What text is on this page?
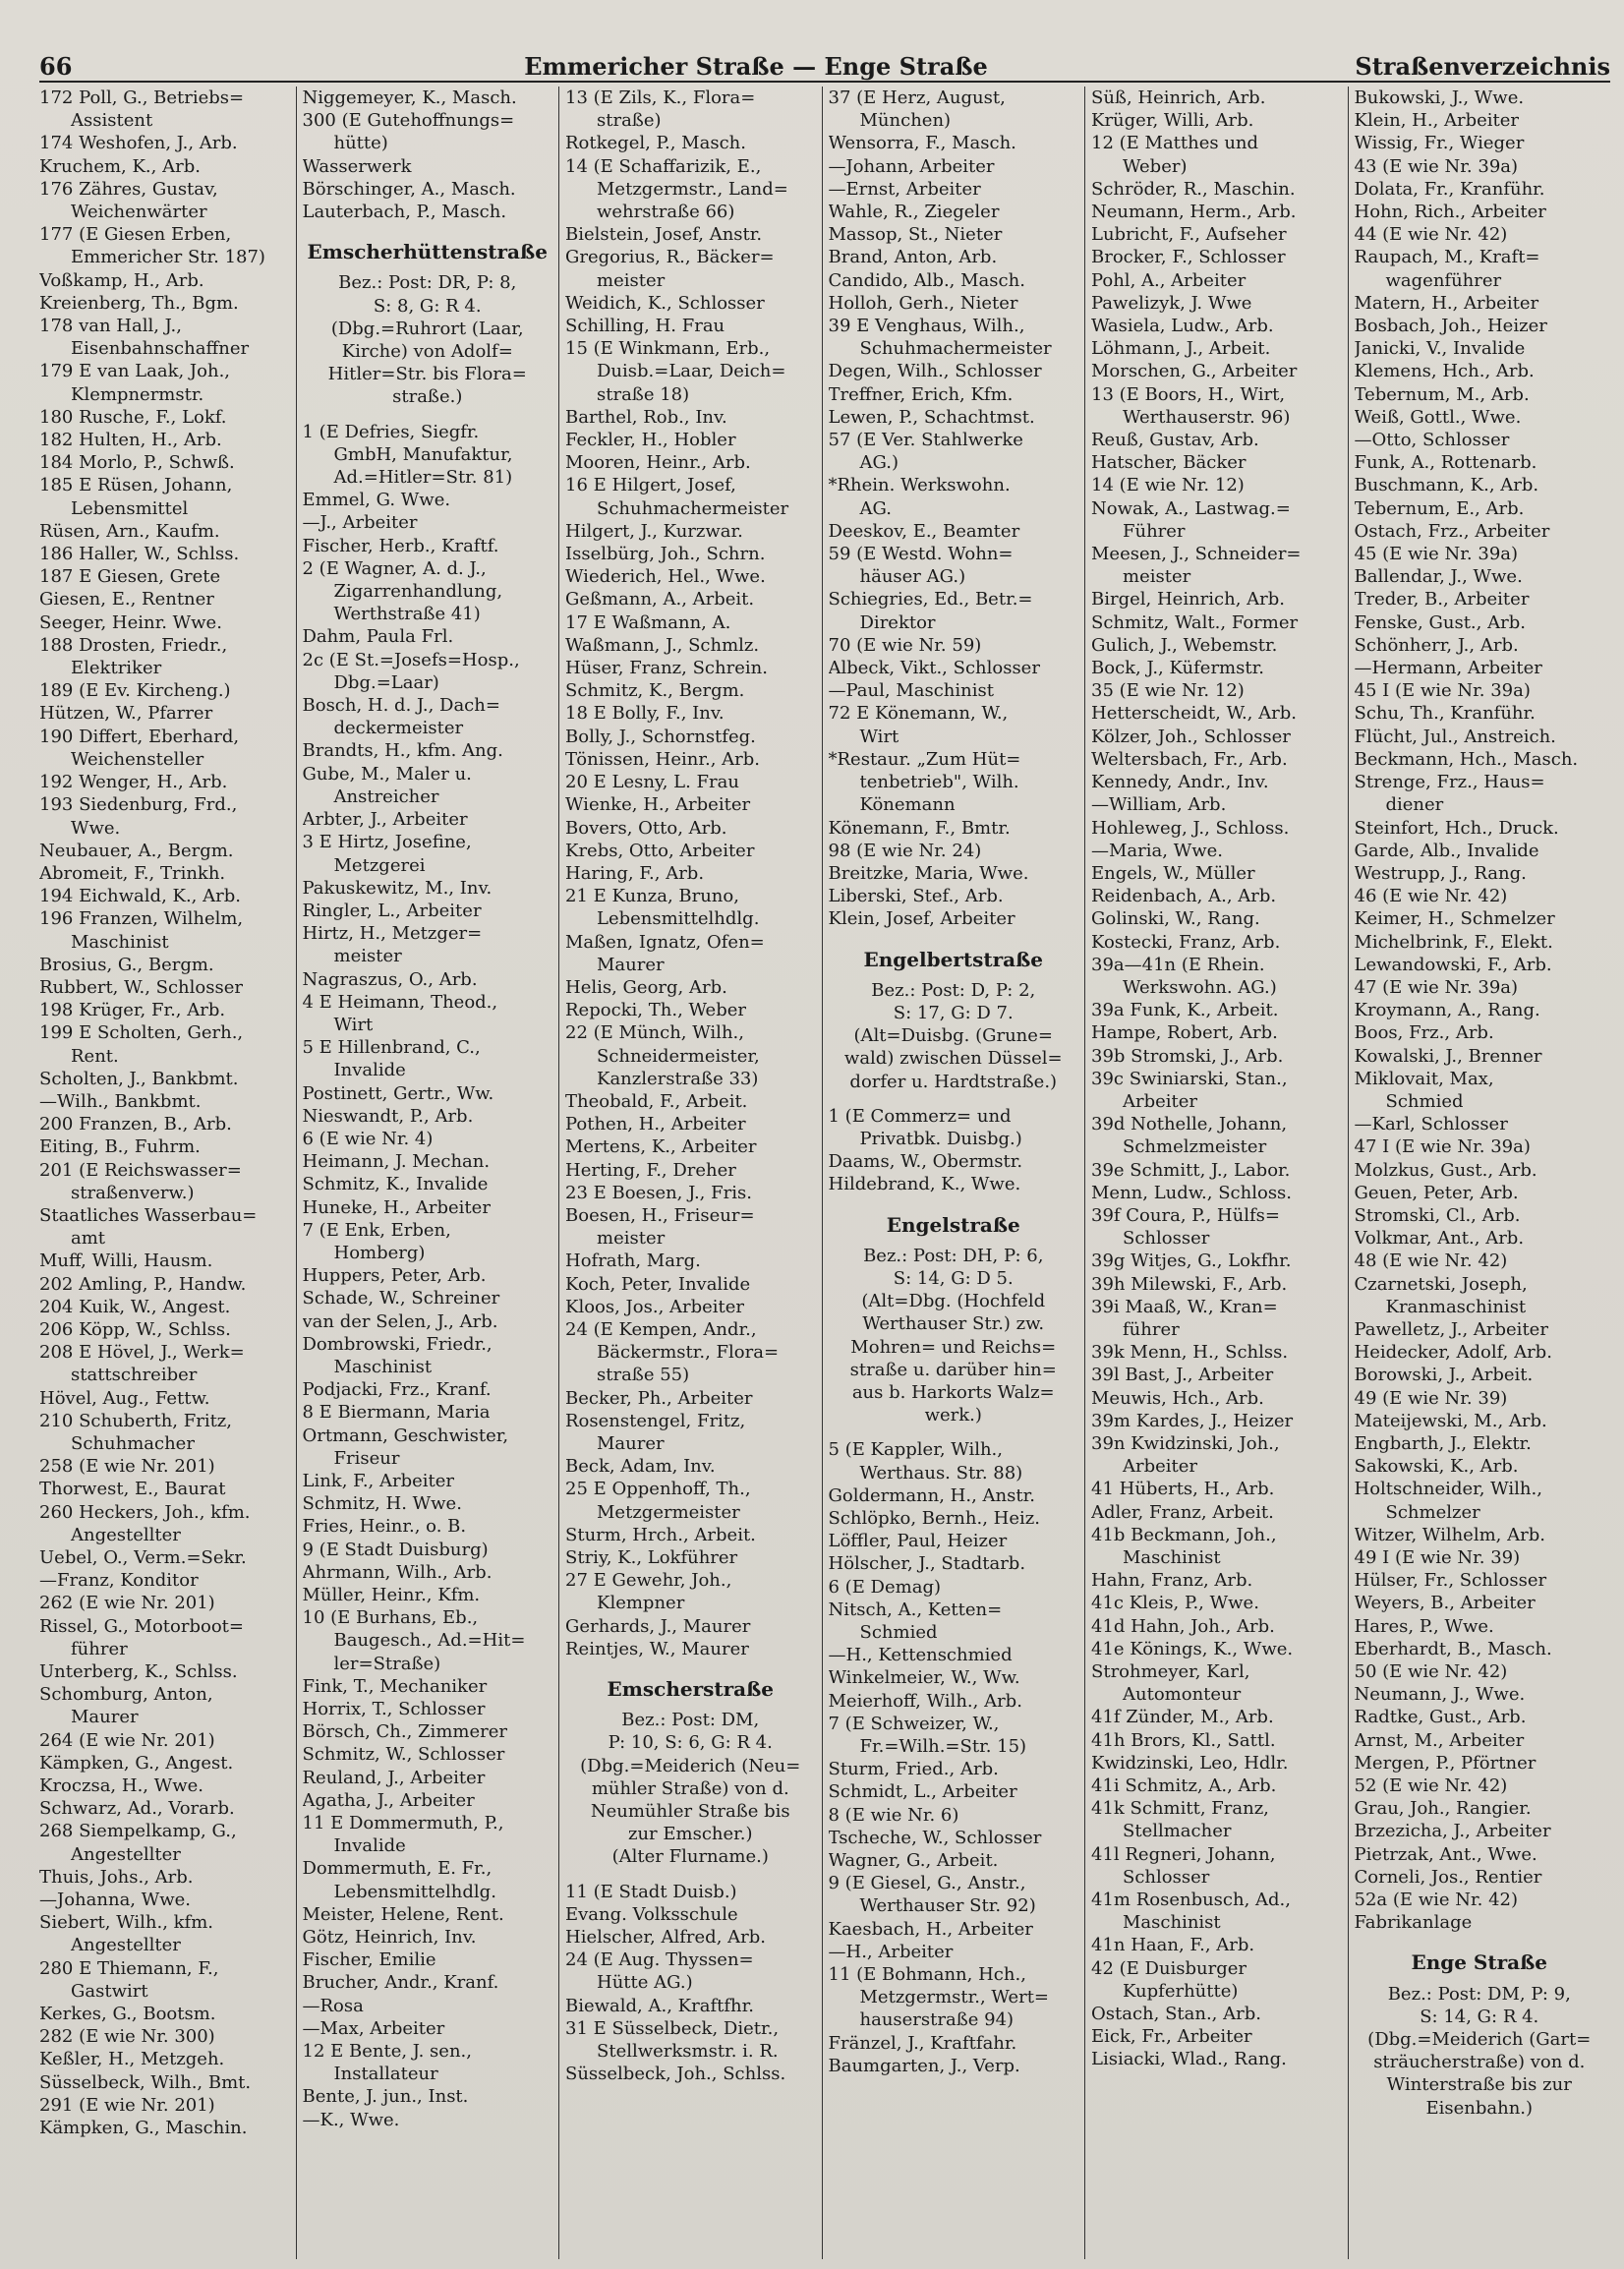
66	Emmericher Straße — Enge Straße	Straßenverzeichnis
172 Poll, G., Betriebs=
Assistent
174 Weshofen, J., Arb.
Kruchem, K., Arb.
176 Zähres, Gustav,
Weichenwärter
177 (E Giesen Erben,
Emmericher Str. 187)
Voßkamp, H., Arb.
Kreienberg, Th., Bgm.
178 van Hall, J.,
Eisenbahnschaffner
179 E van Laak, Joh.,
Klempnermstr.
180 Rusche, F., Lokf.
182 Hulten, H., Arb.
184 Morlo, P., Schwß.
185 E Rüsen, Johann,
Lebensmittel
Rüsen, Arn., Kaufm.
186 Haller, W., Schlss.
187 E Giesen, Grete
Giesen, E., Rentner
Seeger, Heinr. Wwe.
188 Drosten, Friedr.,
Elektriker
189 (E Ev. Kircheng.)
Hützen, W., Pfarrer
190 Differt, Eberhard,
Weichensteller
192 Wenger, H., Arb.
193 Siedenburg, Frd.,
Wwe.
Neubauer, A., Bergm.
Abromeit, F., Trinkh.
194 Eichwald, K., Arb.
196 Franzen, Wilhelm,
Maschinist
Brosius, G., Bergm.
Rubbert, W., Schlosser
198 Krüger, Fr., Arb.
199 E Scholten, Gerh.,
Rent.
Scholten, J., Bankbmt.
—Wilh., Bankbmt.
200 Franzen, B., Arb.
Eiting, B., Fuhrm.
201 (E Reichswasser=
straßenverw.)
Staatliches Wasserbau=
amt
Muff, Willi, Hausm.
202 Amling, P., Handw.
204 Kuik, W., Angest.
206 Köpp, W., Schlss.
208 E Hövel, J., Werk=
stattschreiber
Hövel, Aug., Fettw.
210 Schuberth, Fritz,
Schuhmacher
258 (E wie Nr. 201)
Thorwest, E., Baurat
260 Heckers, Joh., kfm.
Angestellter
Uebel, O., Verm.=Sekr.
—Franz, Konditor
262 (E wie Nr. 201)
Rissel, G., Motorboot=
führer
Unterberg, K., Schlss.
Schomburg, Anton,
Maurer
264 (E wie Nr. 201)
Kämpken, G., Angest.
Kroczsa, H., Wwe.
Schwarz, Ad., Vorarb.
268 Siempelkamp, G.,
Angestellter
Thuis, Johs., Arb.
—Johanna, Wwe.
Siebert, Wilh., kfm.
Angestellter
280 E Thiemann, F.,
Gastwirt
Kerkes, G., Bootsm.
282 (E wie Nr. 300)
Keßler, H., Metzgeh.
Süsselbeck, Wilh., Bmt.
291 (E wie Nr. 201)
Kämpken, G., Maschin.
Niggemeyer, K., Masch.
300 (E Gutehoffnungs=
hütte)
Wasserwerk
Börschinger, A., Masch.
Lauterbach, P., Masch.
Emscherhüttenstraße
Bez.: Post: DR, P: 8,
S: 8, G: R 4.
(Dbg.=Ruhrort (Laar,
Kirche) von Adolf=
Hitler=Str. bis Flora=
straße.)
1 (E Defries, Siegfr.
GmbH, Manufaktur,
Ad.=Hitler=Str. 81)
Emmel, G. Wwe.
—J., Arbeiter
Fischer, Herb., Kraftf.
2 (E Wagner, A. d. J.,
Zigarrenhandlung,
Werthstraße 41)
Dahm, Paula Frl.
2c (E St.=Josefs=Hosp.,
Dbg.=Laar)
Bosch, H. d. J., Dach=
deckermeister
Brandts, H., kfm. Ang.
Gube, M., Maler u.
Anstreicher
Arbter, J., Arbeiter
3 E Hirtz, Josefine,
Metzgerei
Pakuskewitz, M., Inv.
Ringler, L., Arbeiter
Hirtz, H., Metzger=
meister
Nagraszus, O., Arb.
4 E Heimann, Theod.,
Wirt
5 E Hillenbrand, C.,
Invalide
Postinett, Gertr., Ww.
Nieswandt, P., Arb.
6 (E wie Nr. 4)
Heimann, J. Mechan.
Schmitz, K., Invalide
Huneke, H., Arbeiter
7 (E Enk, Erben,
Homberg)
Huppers, Peter, Arb.
Schade, W., Schreiner
van der Selen, J., Arb.
Dombrowski, Friedr.,
Maschinist
Podjacki, Frz., Kranf.
8 E Biermann, Maria
Ortmann, Geschwister,
Friseur
Link, F., Arbeiter
Schmitz, H. Wwe.
Fries, Heinr., o. B.
9 (E Stadt Duisburg)
Ahrmann, Wilh., Arb.
Müller, Heinr., Kfm.
10 (E Burhans, Eb.,
Baugesch., Ad.=Hit=
ler=Straße)
Fink, T., Mechaniker
Horrix, T., Schlosser
Börsch, Ch., Zimmerer
Schmitz, W., Schlosser
Reuland, J., Arbeiter
Agatha, J., Arbeiter
11 E Dommermuth, P.,
Invalide
Dommermuth, E. Fr.,
Lebensmittelhdlg.
Meister, Helene, Rent.
Götz, Heinrich, Inv.
Fischer, Emilie
Brucher, Andr., Kranf.
—Rosa
—Max, Arbeiter
12 E Bente, J. sen.,
Installateur
Bente, J. jun., Inst.
—K., Wwe.
13 (E Zils, K., Flora=
straße)
Rotkegel, P., Masch.
14 (E Schaffarizik, E.,
Metzgermstr., Land=
wehrstraße 66)
Bielstein, Josef, Anstr.
Gregorius, R., Bäcker=
meister
Weidich, K., Schlosser
Schilling, H. Frau
15 (E Winkmann, Erb.,
Duisb.=Laar, Deich=
straße 18)
Barthel, Rob., Inv.
Feckler, H., Hobler
Mooren, Heinr., Arb.
16 E Hilgert, Josef,
Schuhmachermeister
Hilgert, J., Kurzwar.
Isselbürg, Joh., Schrn.
Wiederich, Hel., Wwe.
Geßmann, A., Arbeit.
17 E Waßmann, A.
Waßmann, J., Schmlz.
Hüser, Franz, Schrein.
Schmitz, K., Bergm.
18 E Bolly, F., Inv.
Bolly, J., Schornstfeg.
Tönissen, Heinr., Arb.
20 E Lesny, L. Frau
Wienke, H., Arbeiter
Bovers, Otto, Arb.
Krebs, Otto, Arbeiter
Haring, F., Arb.
21 E Kunza, Bruno,
Lebensmittelhdlg.
Maßen, Ignatz, Ofen=
Maurer
Helis, Georg, Arb.
Repocki, Th., Weber
22 (E Münch, Wilh.,
Schneidermeister,
Kanzlerstraße 33)
Theobald, F., Arbeit.
Pothen, H., Arbeiter
Mertens, K., Arbeiter
Herting, F., Dreher
23 E Boesen, J., Fris.
Boesen, H., Friseur=
meister
Hofrath, Marg.
Koch, Peter, Invalide
Kloos, Jos., Arbeiter
24 (E Kempen, Andr.,
Bäckermstr., Flora=
straße 55)
Becker, Ph., Arbeiter
Rosenstengel, Fritz,
Maurer
Beck, Adam, Inv.
25 E Oppenhoff, Th.,
Metzgermeister
Sturm, Hrch., Arbeit.
Striy, K., Lokführer
27 E Gewehr, Joh.,
Klempner
Gerhards, J., Maurer
Reintjes, W., Maurer
Emscherstraße
Bez.: Post: DM,
P: 10, S: 6, G: R 4.
(Dbg.=Meiderich (Neu=
mühler Straße) von d.
Neumühler Straße bis
zur Emscher.)
(Alter Flurname.)
11 (E Stadt Duisb.)
Evang. Volksschule
Hielscher, Alfred, Arb.
24 (E Aug. Thyssen=
Hütte AG.)
Biewald, A., Kraftfhr.
31 E Süsselbeck, Dietr.,
Stellwerksmstr. i. R.
Süsselbeck, Joh., Schlss.
37 (E Herz, August,
München)
Wensorra, F., Masch.
—Johann, Arbeiter
—Ernst, Arbeiter
Wahle, R., Ziegeler
Massop, St., Nieter
Brand, Anton, Arb.
Candido, Alb., Masch.
Holloh, Gerh., Nieter
39 E Venghaus, Wilh.,
Schuhmachermeister
Degen, Wilh., Schlosser
Treffner, Erich, Kfm.
Lewen, P., Schachtmst.
57 (E Ver. Stahlwerke
AG.)
*Rhein. Werkswohn.
AG.
Deeskov, E., Beamter
59 (E Westd. Wohn=
häuser AG.)
Schiegries, Ed., Betr.=
Direktor
70 (E wie Nr. 59)
Albeck, Vikt., Schlosser
—Paul, Maschinist
72 E Könemann, W.,
Wirt
*Restaur. „Zum Hüt=
tenbetrieb", Wilh.
Könemann
Könemann, F., Bmtr.
98 (E wie Nr. 24)
Breitzke, Maria, Wwe.
Liberski, Stef., Arb.
Klein, Josef, Arbeiter
Engelbertstraße
Bez.: Post: D, P: 2,
S: 17, G: D 7.
(Alt=Duisbg. (Grune=
wald) zwischen Düssel=
dorfer u. Hardtstraße.)
1 (E Commerz= und
Privatbk. Duisbg.)
Daams, W., Obermstr.
Hildebrand, K., Wwe.
Engelstraße
Bez.: Post: DH, P: 6,
S: 14, G: D 5.
(Alt=Dbg. (Hochfeld
Werthauser Str.) zw.
Mohren= und Reichs=
straße u. darüber hin=
aus b. Harkorts Walz=
werk.)
5 (E Kappler, Wilh.,
Werthaus. Str. 88)
Goldermann, H., Anstr.
Schlöpko, Bernh., Heiz.
Löffler, Paul, Heizer
Hölscher, J., Stadtarb.
6 (E Demag)
Nitsch, A., Ketten=
Schmied
—H., Kettenschmied
Winkelmeier, W., Ww.
Meierhoff, Wilh., Arb.
7 (E Schweizer, W.,
Fr.=Wilh.=Str. 15)
Sturm, Fried., Arb.
Schmidt, L., Arbeiter
8 (E wie Nr. 6)
Tscheche, W., Schlosser
Wagner, G., Arbeit.
9 (E Giesel, G., Anstr.,
Werthauser Str. 92)
Kaesbach, H., Arbeiter
—H., Arbeiter
11 (E Bohmann, Hch.,
Metzgermstr., Wert=
hauserstraße 94)
Fränzel, J., Kraftfahr.
Baumgarten, J., Verp.
Süß, Heinrich, Arb.
Krüger, Willi, Arb.
12 (E Matthes und
Weber)
Schröder, R., Maschin.
Neumann, Herm., Arb.
Lubricht, F., Aufseher
Brocker, F., Schlosser
Pohl, A., Arbeiter
Pawelizyk, J. Wwe
Wasiela, Ludw., Arb.
Löhmann, J., Arbeit.
Morschen, G., Arbeiter
13 (E Boors, H., Wirt,
Werthauserstr. 96)
Reuß, Gustav, Arb.
Hatscher, Bäcker
14 (E wie Nr. 12)
Nowak, A., Lastwag.=
Führer
Meesen, J., Schneider=
meister
Birgel, Heinrich, Arb.
Schmitz, Walt., Former
Gulich, J., Webemstr.
Bock, J., Küfermstr.
35 (E wie Nr. 12)
Hetterscheidt, W., Arb.
Kölzer, Joh., Schlosser
Weltersbach, Fr., Arb.
Kennedy, Andr., Inv.
—William, Arb.
Hohleweg, J., Schloss.
—Maria, Wwe.
Engels, W., Müller
Reidenbach, A., Arb.
Golinski, W., Rang.
Kostecki, Franz, Arb.
39a—41n (E Rhein.
Werkswohn. AG.)
39a Funk, K., Arbeit.
Hampe, Robert, Arb.
39b Stromski, J., Arb.
39c Swiniarski, Stan.,
Arbeiter
39d Nothelle, Johann,
Schmelzmeister
39e Schmitt, J., Labor.
Menn, Ludw., Schloss.
39f Coura, P., Hülfs=
Schlosser
39g Witjes, G., Lokfhr.
39h Milewski, F., Arb.
39i Maaß, W., Kran=
führer
39k Menn, H., Schlss.
39l Bast, J., Arbeiter
Meuwis, Hch., Arb.
39m Kardes, J., Heizer
39n Kwidzinski, Joh.,
Arbeiter
41 Hüberts, H., Arb.
Adler, Franz, Arbeit.
41b Beckmann, Joh.,
Maschinist
Hahn, Franz, Arb.
41c Kleis, P., Wwe.
41d Hahn, Joh., Arb.
41e Könings, K., Wwe.
Strohmeyer, Karl,
Automonteur
41f Zünder, M., Arb.
41h Brors, Kl., Sattl.
Kwidzinski, Leo, Hdlr.
41i Schmitz, A., Arb.
41k Schmitt, Franz,
Stellmacher
41l Regneri, Johann,
Schlosser
41m Rosenbusch, Ad.,
Maschinist
41n Haan, F., Arb.
42 (E Duisburger
Kupferhütte)
Ostach, Stan., Arb.
Eick, Fr., Arbeiter
Lisiacki, Wlad., Rang.
Bukowski, J., Wwe.
Klein, H., Arbeiter
Wissig, Fr., Wieger
43 (E wie Nr. 39a)
Dolata, Fr., Kranführ.
Hohn, Rich., Arbeiter
44 (E wie Nr. 42)
Raupach, M., Kraft=
wagenführer
Matern, H., Arbeiter
Bosbach, Joh., Heizer
Janicki, V., Invalide
Klemens, Hch., Arb.
Tebernum, M., Arb.
Weiß, Gottl., Wwe.
—Otto, Schlosser
Funk, A., Rottenarb.
Buschmann, K., Arb.
Tebernum, E., Arb.
Ostach, Frz., Arbeiter
45 (E wie Nr. 39a)
Ballendar, J., Wwe.
Treder, B., Arbeiter
Fenske, Gust., Arb.
Schönherr, J., Arb.
—Hermann, Arbeiter
45 I (E wie Nr. 39a)
Schu, Th., Kranführ.
Flücht, Jul., Anstreich.
Beckmann, Hch., Masch.
Strenge, Frz., Haus=
diener
Steinfort, Hch., Druck.
Garde, Alb., Invalide
Westrupp, J., Rang.
46 (E wie Nr. 42)
Keimer, H., Schmelzer
Michelbrink, F., Elekt.
Lewandowski, F., Arb.
47 (E wie Nr. 39a)
Kroymann, A., Rang.
Boos, Frz., Arb.
Kowalski, J., Brenner
Miklovait, Max,
Schmied
—Karl, Schlosser
47 I (E wie Nr. 39a)
Molzkus, Gust., Arb.
Geuen, Peter, Arb.
Stromski, Cl., Arb.
Volkmar, Ant., Arb.
48 (E wie Nr. 42)
Czarnetski, Joseph,
Kranmaschinist
Pawelletz, J., Arbeiter
Heidecker, Adolf, Arb.
Borowski, J., Arbeit.
49 (E wie Nr. 39)
Mateijewski, M., Arb.
Engbarth, J., Elektr.
Sakowski, K., Arb.
Holtschneider, Wilh.,
Schmelzer
Witzer, Wilhelm, Arb.
49 I (E wie Nr. 39)
Hülser, Fr., Schlosser
Weyers, B., Arbeiter
Hares, P., Wwe.
Eberhardt, B., Masch.
50 (E wie Nr. 42)
Neumann, J., Wwe.
Radtke, Gust., Arb.
Arnst, M., Arbeiter
Mergen, P., Pförtner
52 (E wie Nr. 42)
Grau, Joh., Rangier.
Brzezicha, J., Arbeiter
Pietrzak, Ant., Wwe.
Corneli, Jos., Rentier
52a (E wie Nr. 42)
Fabrikanlage
Enge Straße
Bez.: Post: DM, P: 9,
S: 14, G: R 4.
(Dbg.=Meiderich (Gart=
sträucherstraße) von d.
Winterstraße bis zur
Eisenbahn.)
